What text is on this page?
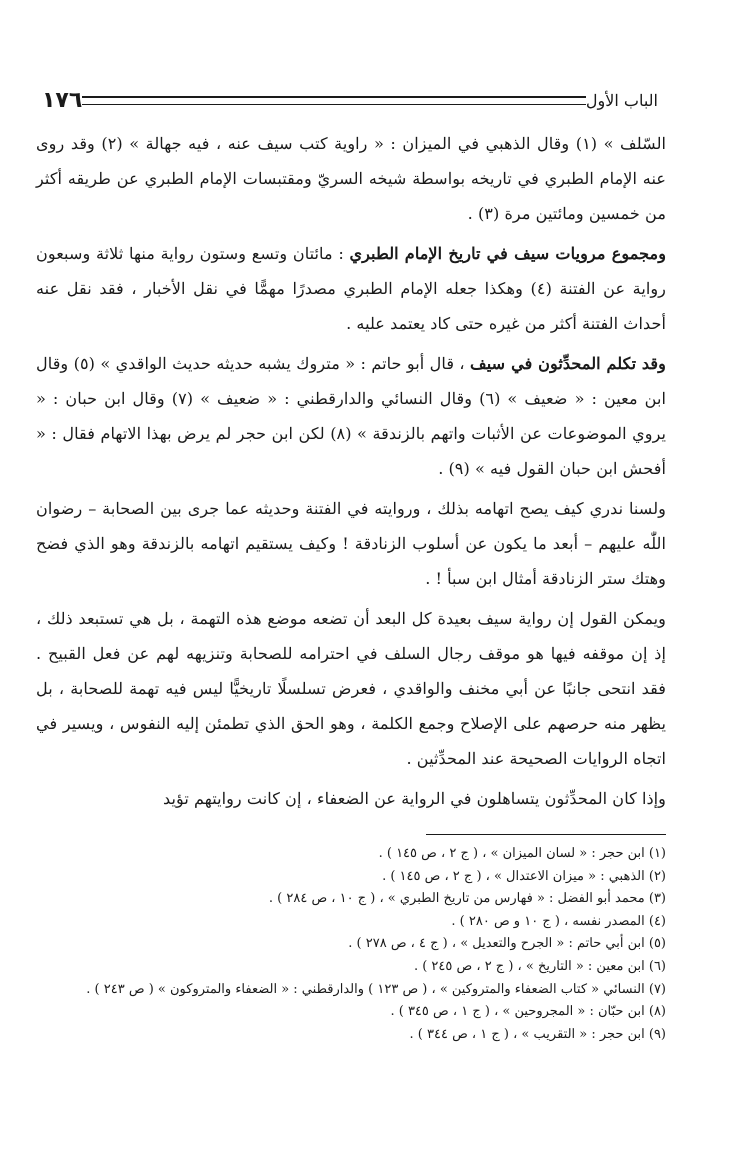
الباب الأول
١٧٦

السّلف » (١) وقال الذهبي في الميزان : « راوية كتب سيف عنه ، فيه جهالة » (٢) وقد روى عنه الإمام الطبري في تاريخه بواسطة شيخه السريّ ومقتبسات الإمام الطبري عن طريقه أكثر من خمسين ومائتين مرة (٣) .

ومجموع مرويات سيف في تاريخ الإمام الطبري : مائتان وتسع وستون رواية منها ثلاثة وسبعون رواية عن الفتنة (٤) وهكذا جعله الإمام الطبري مصدرًا مهمًّا في نقل الأخبار ، فقد نقل عنه أحداث الفتنة أكثر من غيره حتى كاد يعتمد عليه .

وقد تكلم المحدِّثون في سيف ، قال أبو حاتم : « متروك يشبه حديثه حديث الواقدي » (٥) وقال ابن معين : « ضعيف » (٦) وقال النسائي والدارقطني : « ضعيف » (٧) وقال ابن حبان : « يروي الموضوعات عن الأثبات واتهم بالزندقة » (٨) لكن ابن حجر لم يرض بهذا الاتهام فقال : « أفحش ابن حبان القول فيه » (٩) .

ولسنا ندري كيف يصح اتهامه بذلك ، وروايته في الفتنة وحديثه عما جرى بين الصحابة – رضوان اللّٰه عليهم – أبعد ما يكون عن أسلوب الزنادقة ! وكيف يستقيم اتهامه بالزندقة وهو الذي فضح وهتك ستر الزنادقة أمثال ابن سبأ ! .

ويمكن القول إن رواية سيف بعيدة كل البعد أن تضعه موضع هذه التهمة ، بل هي تستبعد ذلك ، إذ إن موقفه فيها هو موقف رجال السلف في احترامه للصحابة وتنزيهه لهم عن فعل القبيح . فقد انتحى جانبًا عن أبي مخنف والواقدي ، فعرض تسلسلًا تاريخيًّا ليس فيه تهمة للصحابة ، بل يظهر منه حرصهم على الإصلاح وجمع الكلمة ، وهو الحق الذي تطمئن إليه النفوس ، ويسير في اتجاه الروايات الصحيحة عند المحدِّثين .

وإذا كان المحدِّثون يتساهلون في الرواية عن الضعفاء ، إن كانت روايتهم تؤيد

(١) ابن حجر : « لسان الميزان » ، ( ج ٢ ، ص ١٤٥ ) .
(٢) الذهبي : « ميزان الاعتدال » ، ( ج ٢ ، ص ١٤٥ ) .
(٣) محمد أبو الفضل : « فهارس من تاريخ الطبري » ، ( ج ١٠ ، ص ٢٨٤ ) .
(٤) المصدر نفسه ، ( ج ١٠ و ص ٢٨٠ ) .
(٥) ابن أبي حاتم : « الجرح والتعديل » ، ( ج ٤ ، ص ٢٧٨ ) .
(٦) ابن معين : « التاريخ » ، ( ج ٢ ، ص ٢٤٥ ) .
(٧) النسائي « كتاب الضعفاء والمتروكين » ، ( ص ١٢٣ ) والدارقطني : « الضعفاء والمتروكون » ( ص ٢٤٣ ) .
(٨) ابن حبّان : « المجروحين » ، ( ج ١ ، ص ٣٤٥ ) .
(٩) ابن حجر : « التقريب » ، ( ج ١ ، ص ٣٤٤ ) .
